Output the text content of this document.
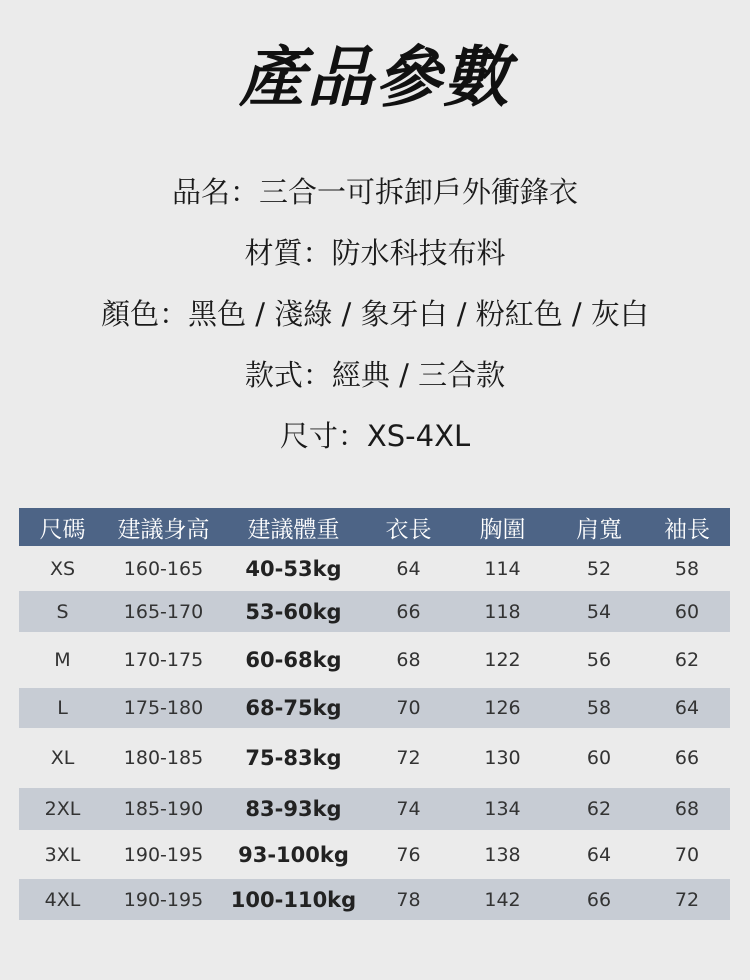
產品參數
品名 ： 三合一可拆卸戶外衝鋒衣
材質 ： 防水科技布料
顏色 ： 黑色 / 淺綠 / 象牙白 / 粉紅色 / 灰白
款式 ： 經典 / 三合款
尺寸 ： XS-4XL
尺碼	建議身高	建議體重	衣長	胸圍	肩寬	袖長
XS	160-165	40-53kg	64	114	52	58
S	165-170	53-60kg	66	118	54	60
M	170-175	60-68kg	68	122	56	62
L	175-180	68-75kg	70	126	58	64
XL	180-185	75-83kg	72	130	60	66
2XL	185-190	83-93kg	74	134	62	68
3XL	190-195	93-100kg	76	138	64	70
4XL	190-195	100-110kg	78	142	66	72
